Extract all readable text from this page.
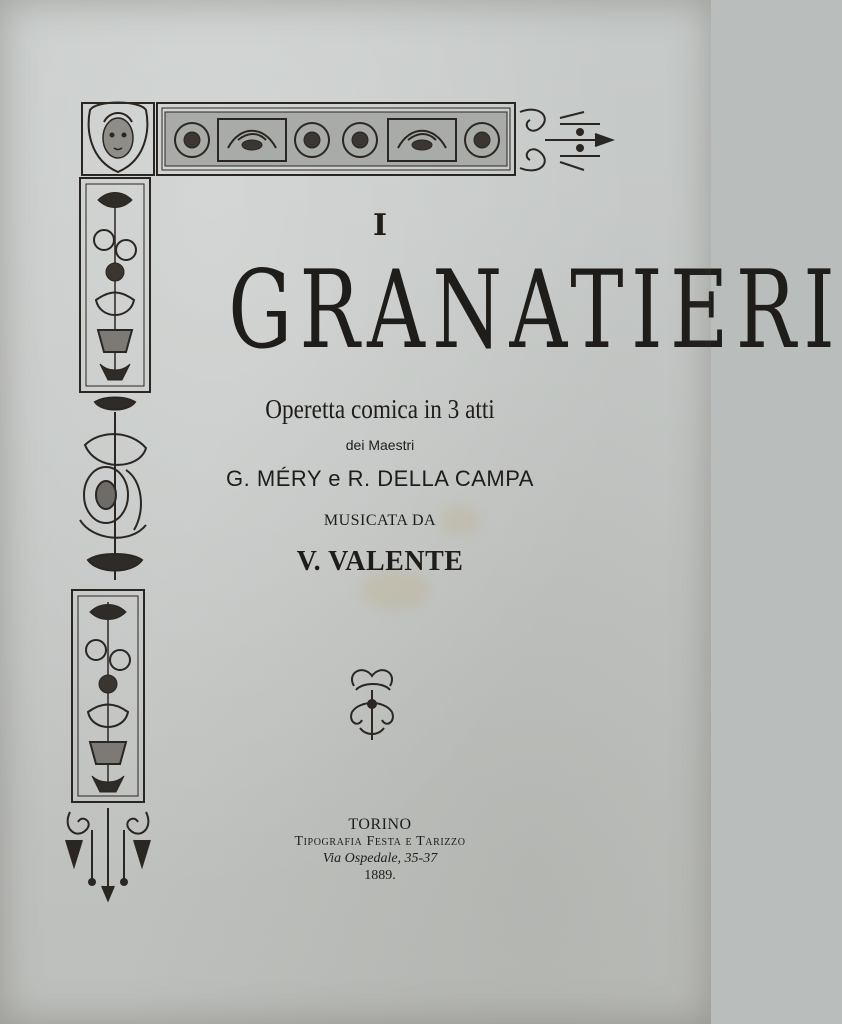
I
GRANATIERI
Operetta comica in 3 atti
dei Maestri
G. MÉRY e R. DELLA CAMPA
MUSICATA DA
V. VALENTE
TORINO
Tipografia Festa e Tarizzo
Via Ospedale, 35-37
1889.
